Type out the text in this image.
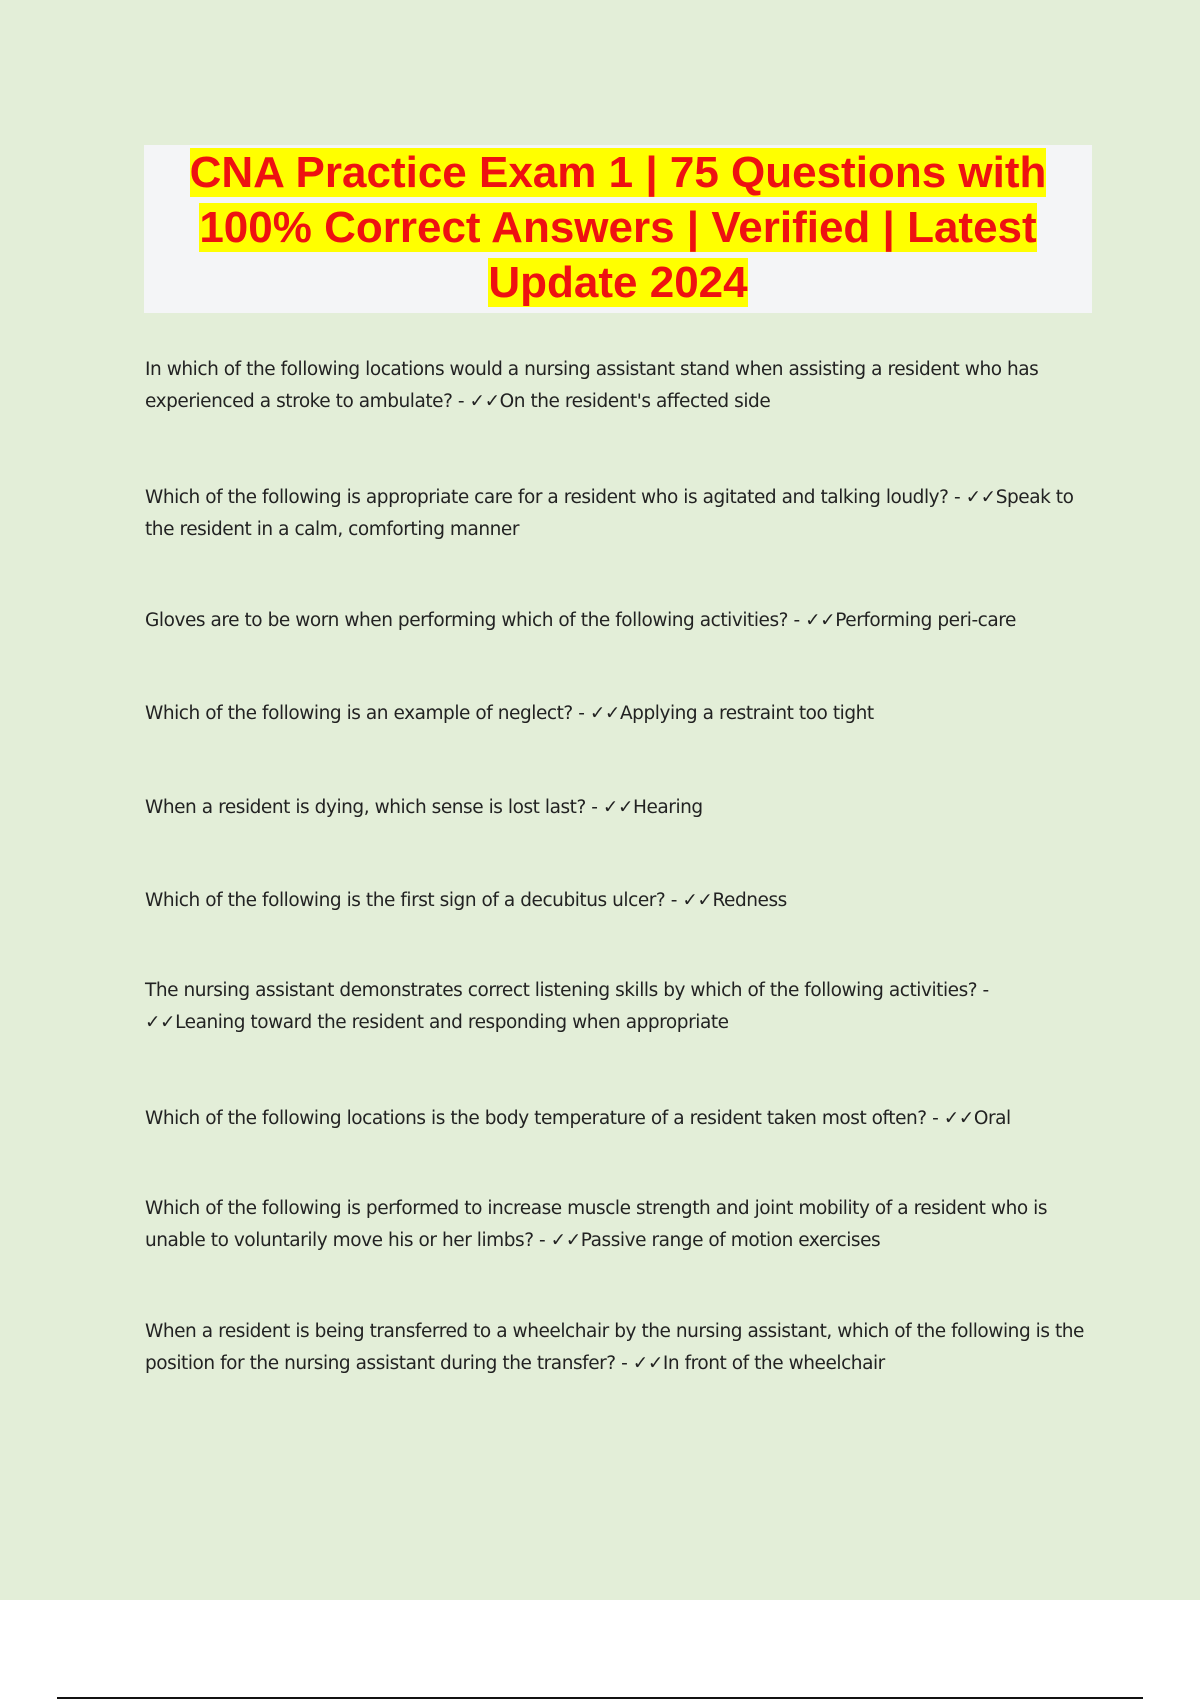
CNA Practice Exam 1 | 75 Questions with 100% Correct Answers | Verified | Latest Update 2024

In which of the following locations would a nursing assistant stand when assisting a resident who has experienced a stroke to ambulate? - ✓✓On the resident's affected side

Which of the following is appropriate care for a resident who is agitated and talking loudly? - ✓✓Speak to the resident in a calm, comforting manner

Gloves are to be worn when performing which of the following activities? - ✓✓Performing peri-care

Which of the following is an example of neglect? - ✓✓Applying a restraint too tight

When a resident is dying, which sense is lost last? - ✓✓Hearing

Which of the following is the first sign of a decubitus ulcer? - ✓✓Redness

The nursing assistant demonstrates correct listening skills by which of the following activities? - ✓✓Leaning toward the resident and responding when appropriate

Which of the following locations is the body temperature of a resident taken most often? - ✓✓Oral

Which of the following is performed to increase muscle strength and joint mobility of a resident who is unable to voluntarily move his or her limbs? - ✓✓Passive range of motion exercises

When a resident is being transferred to a wheelchair by the nursing assistant, which of the following is the position for the nursing assistant during the transfer? - ✓✓In front of the wheelchair
